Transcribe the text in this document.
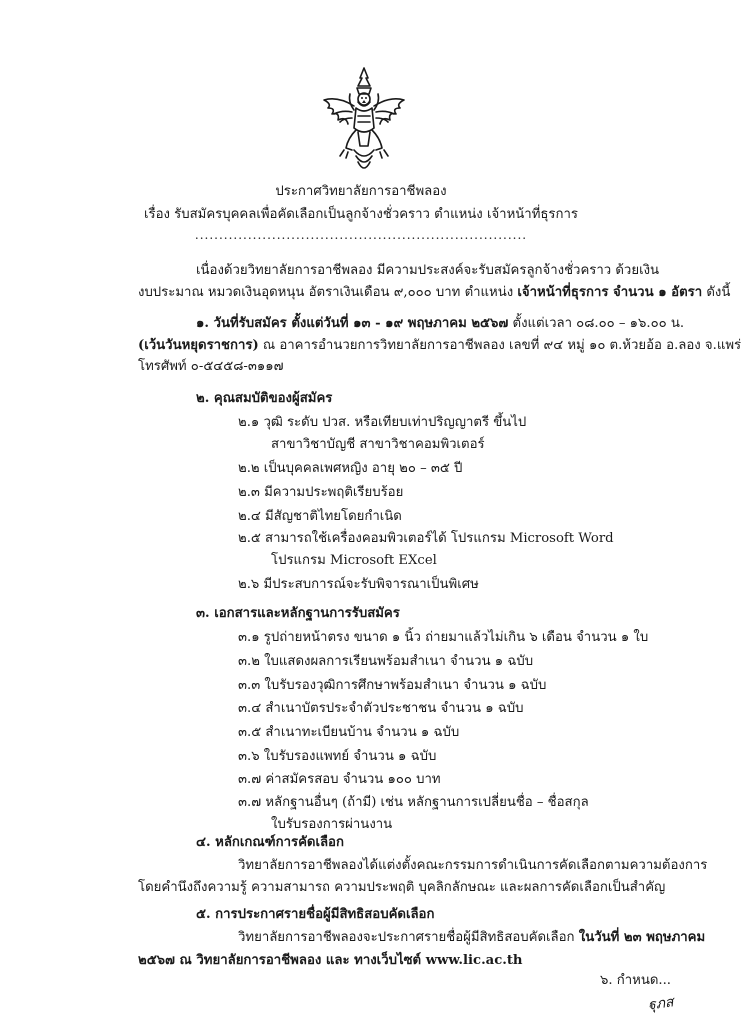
ประกาศวิทยาลัยการอาชีพลอง
เรื่อง รับสมัครบุคคลเพื่อคัดเลือกเป็นลูกจ้างชั่วคราว ตำแหน่ง เจ้าหน้าที่ธุรการ
.....................................................................
เนื่องด้วยวิทยาลัยการอาชีพลอง มีความประสงค์จะรับสมัครลูกจ้างชั่วคราว ด้วยเงิน
งบประมาณ หมวดเงินอุดหนุน อัตราเงินเดือน ๙,๐๐๐ บาท ตำแหน่ง เจ้าหน้าที่ธุรการ จำนวน ๑ อัตรา ดังนี้
๑. วันที่รับสมัคร ตั้งแต่วันที่ ๑๓ - ๑๙ พฤษภาคม ๒๕๖๗ ตั้งแต่เวลา ๐๘.๐๐ – ๑๖.๐๐ น.
(เว้นวันหยุดราชการ) ณ อาคารอำนวยการวิทยาลัยการอาชีพลอง เลขที่ ๙๔ หมู่ ๑๐ ต.ห้วยอ้อ อ.ลอง จ.แพร่
โทรศัพท์ ๐-๕๔๕๘-๓๑๑๗
๒. คุณสมบัติของผู้สมัคร
๒.๑ วุฒิ ระดับ ปวส. หรือเทียบเท่าปริญญาตรี ขึ้นไป
สาขาวิชาบัญชี สาขาวิชาคอมพิวเตอร์
๒.๒ เป็นบุคคลเพศหญิง อายุ ๒๐ – ๓๕ ปี
๒.๓ มีความประพฤติเรียบร้อย
๒.๔ มีสัญชาติไทยโดยกำเนิด
๒.๕ สามารถใช้เครื่องคอมพิวเตอร์ได้ โปรแกรม Microsoft Word
โปรแกรม Microsoft EXcel
๒.๖ มีประสบการณ์จะรับพิจารณาเป็นพิเศษ
๓. เอกสารและหลักฐานการรับสมัคร
๓.๑ รูปถ่ายหน้าตรง ขนาด ๑ นิ้ว ถ่ายมาแล้วไม่เกิน ๖ เดือน จำนวน ๑ ใบ
๓.๒ ใบแสดงผลการเรียนพร้อมสำเนา จำนวน ๑ ฉบับ
๓.๓ ใบรับรองวุฒิการศึกษาพร้อมสำเนา จำนวน ๑ ฉบับ
๓.๔ สำเนาบัตรประจำตัวประชาชน จำนวน ๑ ฉบับ
๓.๕ สำเนาทะเบียนบ้าน จำนวน ๑ ฉบับ
๓.๖ ใบรับรองแพทย์ จำนวน ๑ ฉบับ
๓.๗ ค่าสมัครสอบ จำนวน ๑๐๐ บาท
๓.๗ หลักฐานอื่นๆ (ถ้ามี) เช่น หลักฐานการเปลี่ยนชื่อ – ชื่อสกุล
ใบรับรองการผ่านงาน
๔. หลักเกณฑ์การคัดเลือก
วิทยาลัยการอาชีพลองได้แต่งตั้งคณะกรรมการดำเนินการคัดเลือกตามความต้องการ
โดยคำนึงถึงความรู้ ความสามารถ ความประพฤติ บุคลิกลักษณะ และผลการคัดเลือกเป็นสำคัญ
๕. การประกาศรายชื่อผู้มีสิทธิสอบคัดเลือก
วิทยาลัยการอาชีพลองจะประกาศรายชื่อผู้มีสิทธิสอบคัดเลือก ในวันที่ ๒๓ พฤษภาคม
๒๕๖๗ ณ วิทยาลัยการอาชีพลอง และ ทางเว็บไซต์ www.lic.ac.th
๖. กำหนด...
ฐุภส
